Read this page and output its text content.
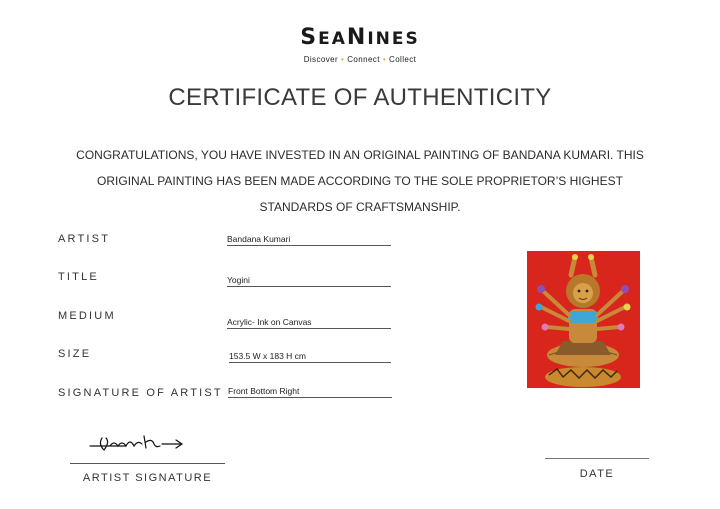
SEANINES
Discover • Connect • Collect
CERTIFICATE OF AUTHENTICITY
CONGRATULATIONS, YOU HAVE INVESTED IN AN ORIGINAL PAINTING OF BANDANA KUMARI. THIS
ORIGINAL PAINTING HAS BEEN MADE ACCORDING TO THE SOLE PROPRIETOR’S HIGHEST
STANDARDS OF CRAFTSMANSHIP.
ARTIST	Bandana Kumari
TITLE	Yogini
MEDIUM	Acrylic- Ink on Canvas
SIZE	153.5 W x 183 H cm
SIGNATURE OF ARTIST Front Bottom Right
ARTIST SIGNATURE	DATE
